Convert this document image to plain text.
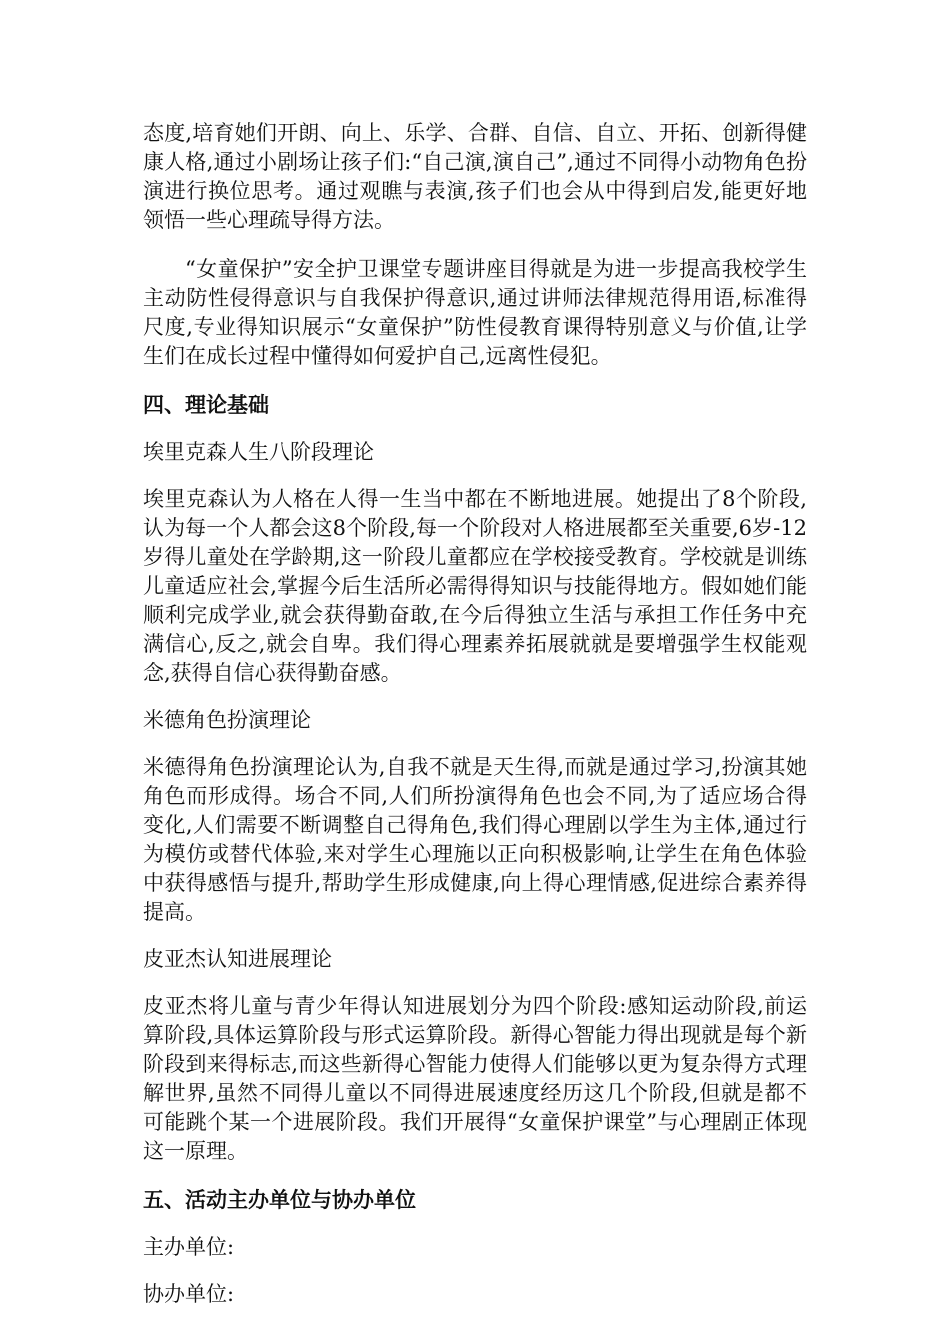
态度,培育她们开朗、向上、乐学、合群、自信、自立、开拓、创新得健康人格,通过小剧场让孩子们:“自己演,演自己”,通过不同得小动物角色扮演进行换位思考。通过观瞧与表演,孩子们也会从中得到启发,能更好地领悟一些心理疏导得方法。

“女童保护”安全护卫课堂专题讲座目得就是为进一步提高我校学生主动防性侵得意识与自我保护得意识,通过讲师法律规范得用语,标准得尺度,专业得知识展示“女童保护”防性侵教育课得特别意义与价值,让学生们在成长过程中懂得如何爱护自己,远离性侵犯。

四、理论基础

埃里克森人生八阶段理论

埃里克森认为人格在人得一生当中都在不断地进展。她提出了8个阶段,认为每一个人都会这8个阶段,每一个阶段对人格进展都至关重要,6岁-12岁得儿童处在学龄期,这一阶段儿童都应在学校接受教育。学校就是训练儿童适应社会,掌握今后生活所必需得得知识与技能得地方。假如她们能顺利完成学业,就会获得勤奋敢,在今后得独立生活与承担工作任务中充满信心,反之,就会自卑。我们得心理素养拓展就就是要增强学生权能观念,获得自信心获得勤奋感。

米德角色扮演理论

米德得角色扮演理论认为,自我不就是天生得,而就是通过学习,扮演其她角色而形成得。场合不同,人们所扮演得角色也会不同,为了适应场合得变化,人们需要不断调整自己得角色,我们得心理剧以学生为主体,通过行为模仿或替代体验,来对学生心理施以正向积极影响,让学生在角色体验中获得感悟与提升,帮助学生形成健康,向上得心理情感,促进综合素养得提高。

皮亚杰认知进展理论

皮亚杰将儿童与青少年得认知进展划分为四个阶段:感知运动阶段,前运算阶段,具体运算阶段与形式运算阶段。新得心智能力得出现就是每个新阶段到来得标志,而这些新得心智能力使得人们能够以更为复杂得方式理解世界,虽然不同得儿童以不同得进展速度经历这几个阶段,但就是都不可能跳个某一个进展阶段。我们开展得“女童保护课堂”与心理剧正体现这一原理。

五、活动主办单位与协办单位

主办单位:

协办单位:
